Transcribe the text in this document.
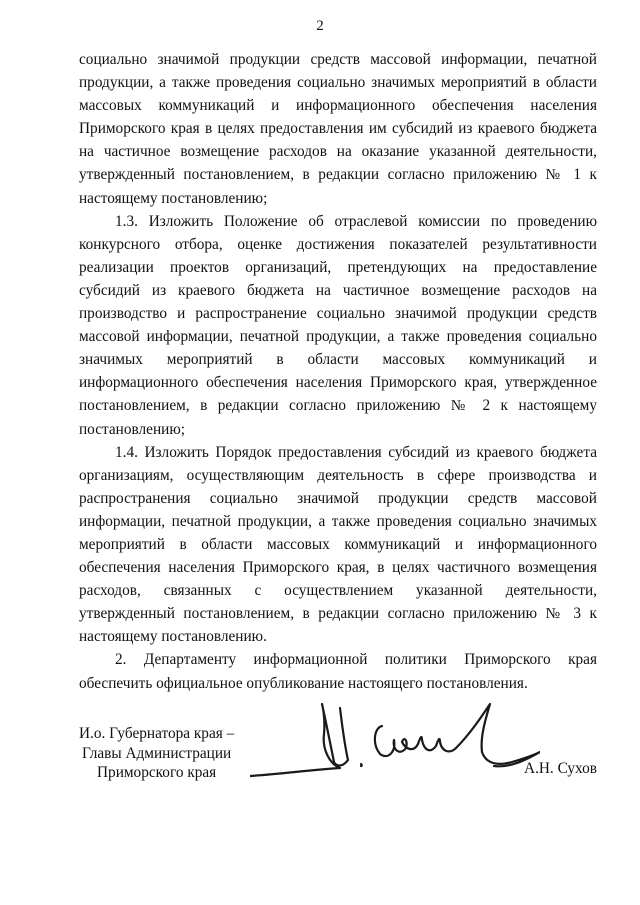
2

социально значимой продукции средств массовой информации, печатной продукции, а также проведения социально значимых мероприятий в области массовых коммуникаций и информационного обеспечения населения Приморского края в целях предоставления им субсидий из краевого бюджета на частичное возмещение расходов на оказание указанной деятельности, утвержденный постановлением, в редакции согласно приложению № 1 к настоящему постановлению;

1.3. Изложить Положение об отраслевой комиссии по проведению конкурсного отбора, оценке достижения показателей результативности реализации проектов организаций, претендующих на предоставление субсидий из краевого бюджета на частичное возмещение расходов на производство и распространение социально значимой продукции средств массовой информации, печатной продукции, а также проведения социально значимых мероприятий в области массовых коммуникаций и информационного обеспечения населения Приморского края, утвержденное постановлением, в редакции согласно приложению № 2 к настоящему постановлению;

1.4. Изложить Порядок предоставления субсидий из краевого бюджета организациям, осуществляющим деятельность в сфере производства и распространения социально значимой продукции средств массовой информации, печатной продукции, а также проведения социально значимых мероприятий в области массовых коммуникаций и информационного обеспечения населения Приморского края, в целях частичного возмещения расходов, связанных с осуществлением указанной деятельности, утвержденный постановлением, в редакции согласно приложению № 3 к настоящему постановлению.

2. Департаменту информационной политики Приморского края обеспечить официальное опубликование настоящего постановления.

И.о. Губернатора края –
Главы Администрации
Приморского края	А.Н. Сухов
